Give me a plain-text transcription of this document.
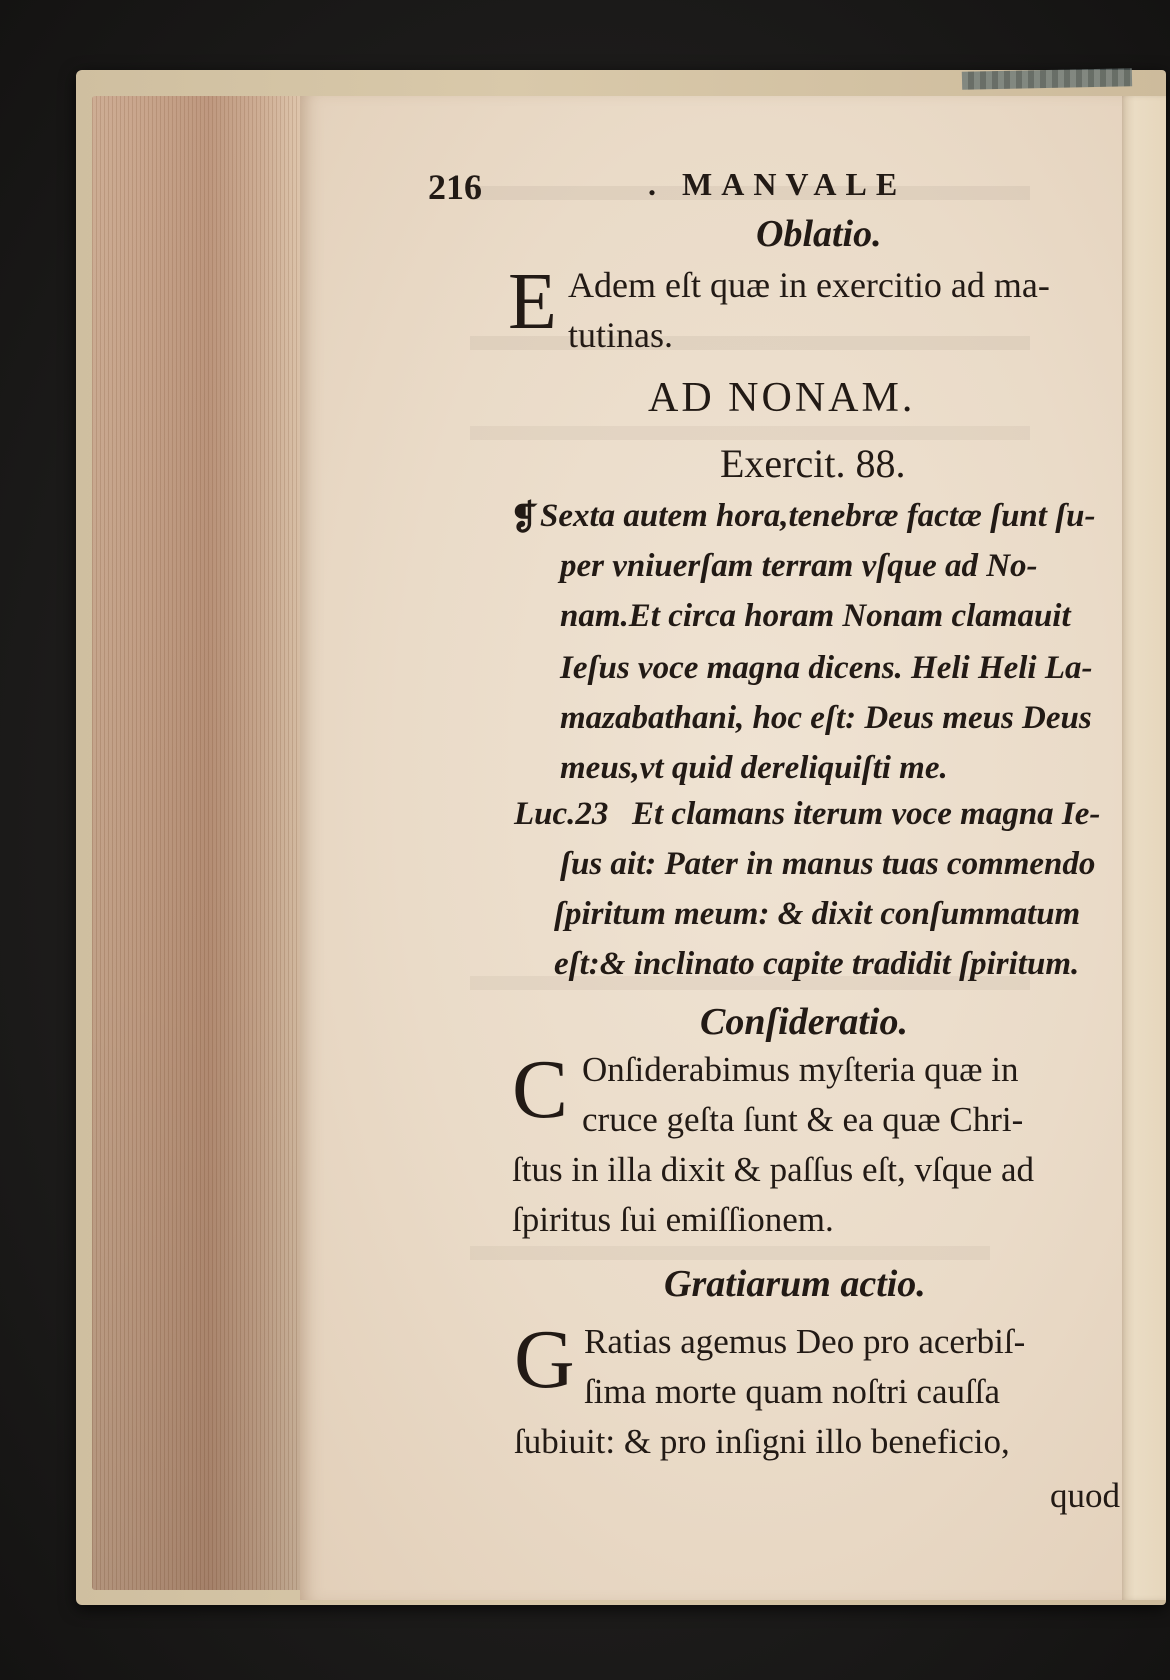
216	. MANVALE
Oblatio.
E Adem eſt quæ in exercitio ad ma-
tutinas.
AD NONAM.
Exercit. 88.
❡ Sexta autem hora,tenebræ factæ ſunt ſu-
per vniuerſam terram vſque ad No-
nam.Et circa horam Nonam clamauit
Ieſus voce magna dicens. Heli Heli La-
mazabathani, hoc eſt: Deus meus Deus
meus,vt quid dereliquiſti me.
Luc.23 Et clamans iterum voce magna Ie-
ſus ait: Pater in manus tuas commendo
ſpiritum meum: & dixit conſummatum
eſt:& inclinato capite tradidit ſpiritum.
Conſideratio.
C Onſiderabimus myſteria quæ in
cruce geſta ſunt & ea quæ Chri-
ſtus in illa dixit & paſſus eſt, vſque ad
ſpiritus ſui emiſſionem.
Gratiarum actio.
G Ratias agemus Deo pro acerbiſ-
ſima morte quam noſtri cauſſa
ſubiuit: & pro inſigni illo beneficio,
quod
